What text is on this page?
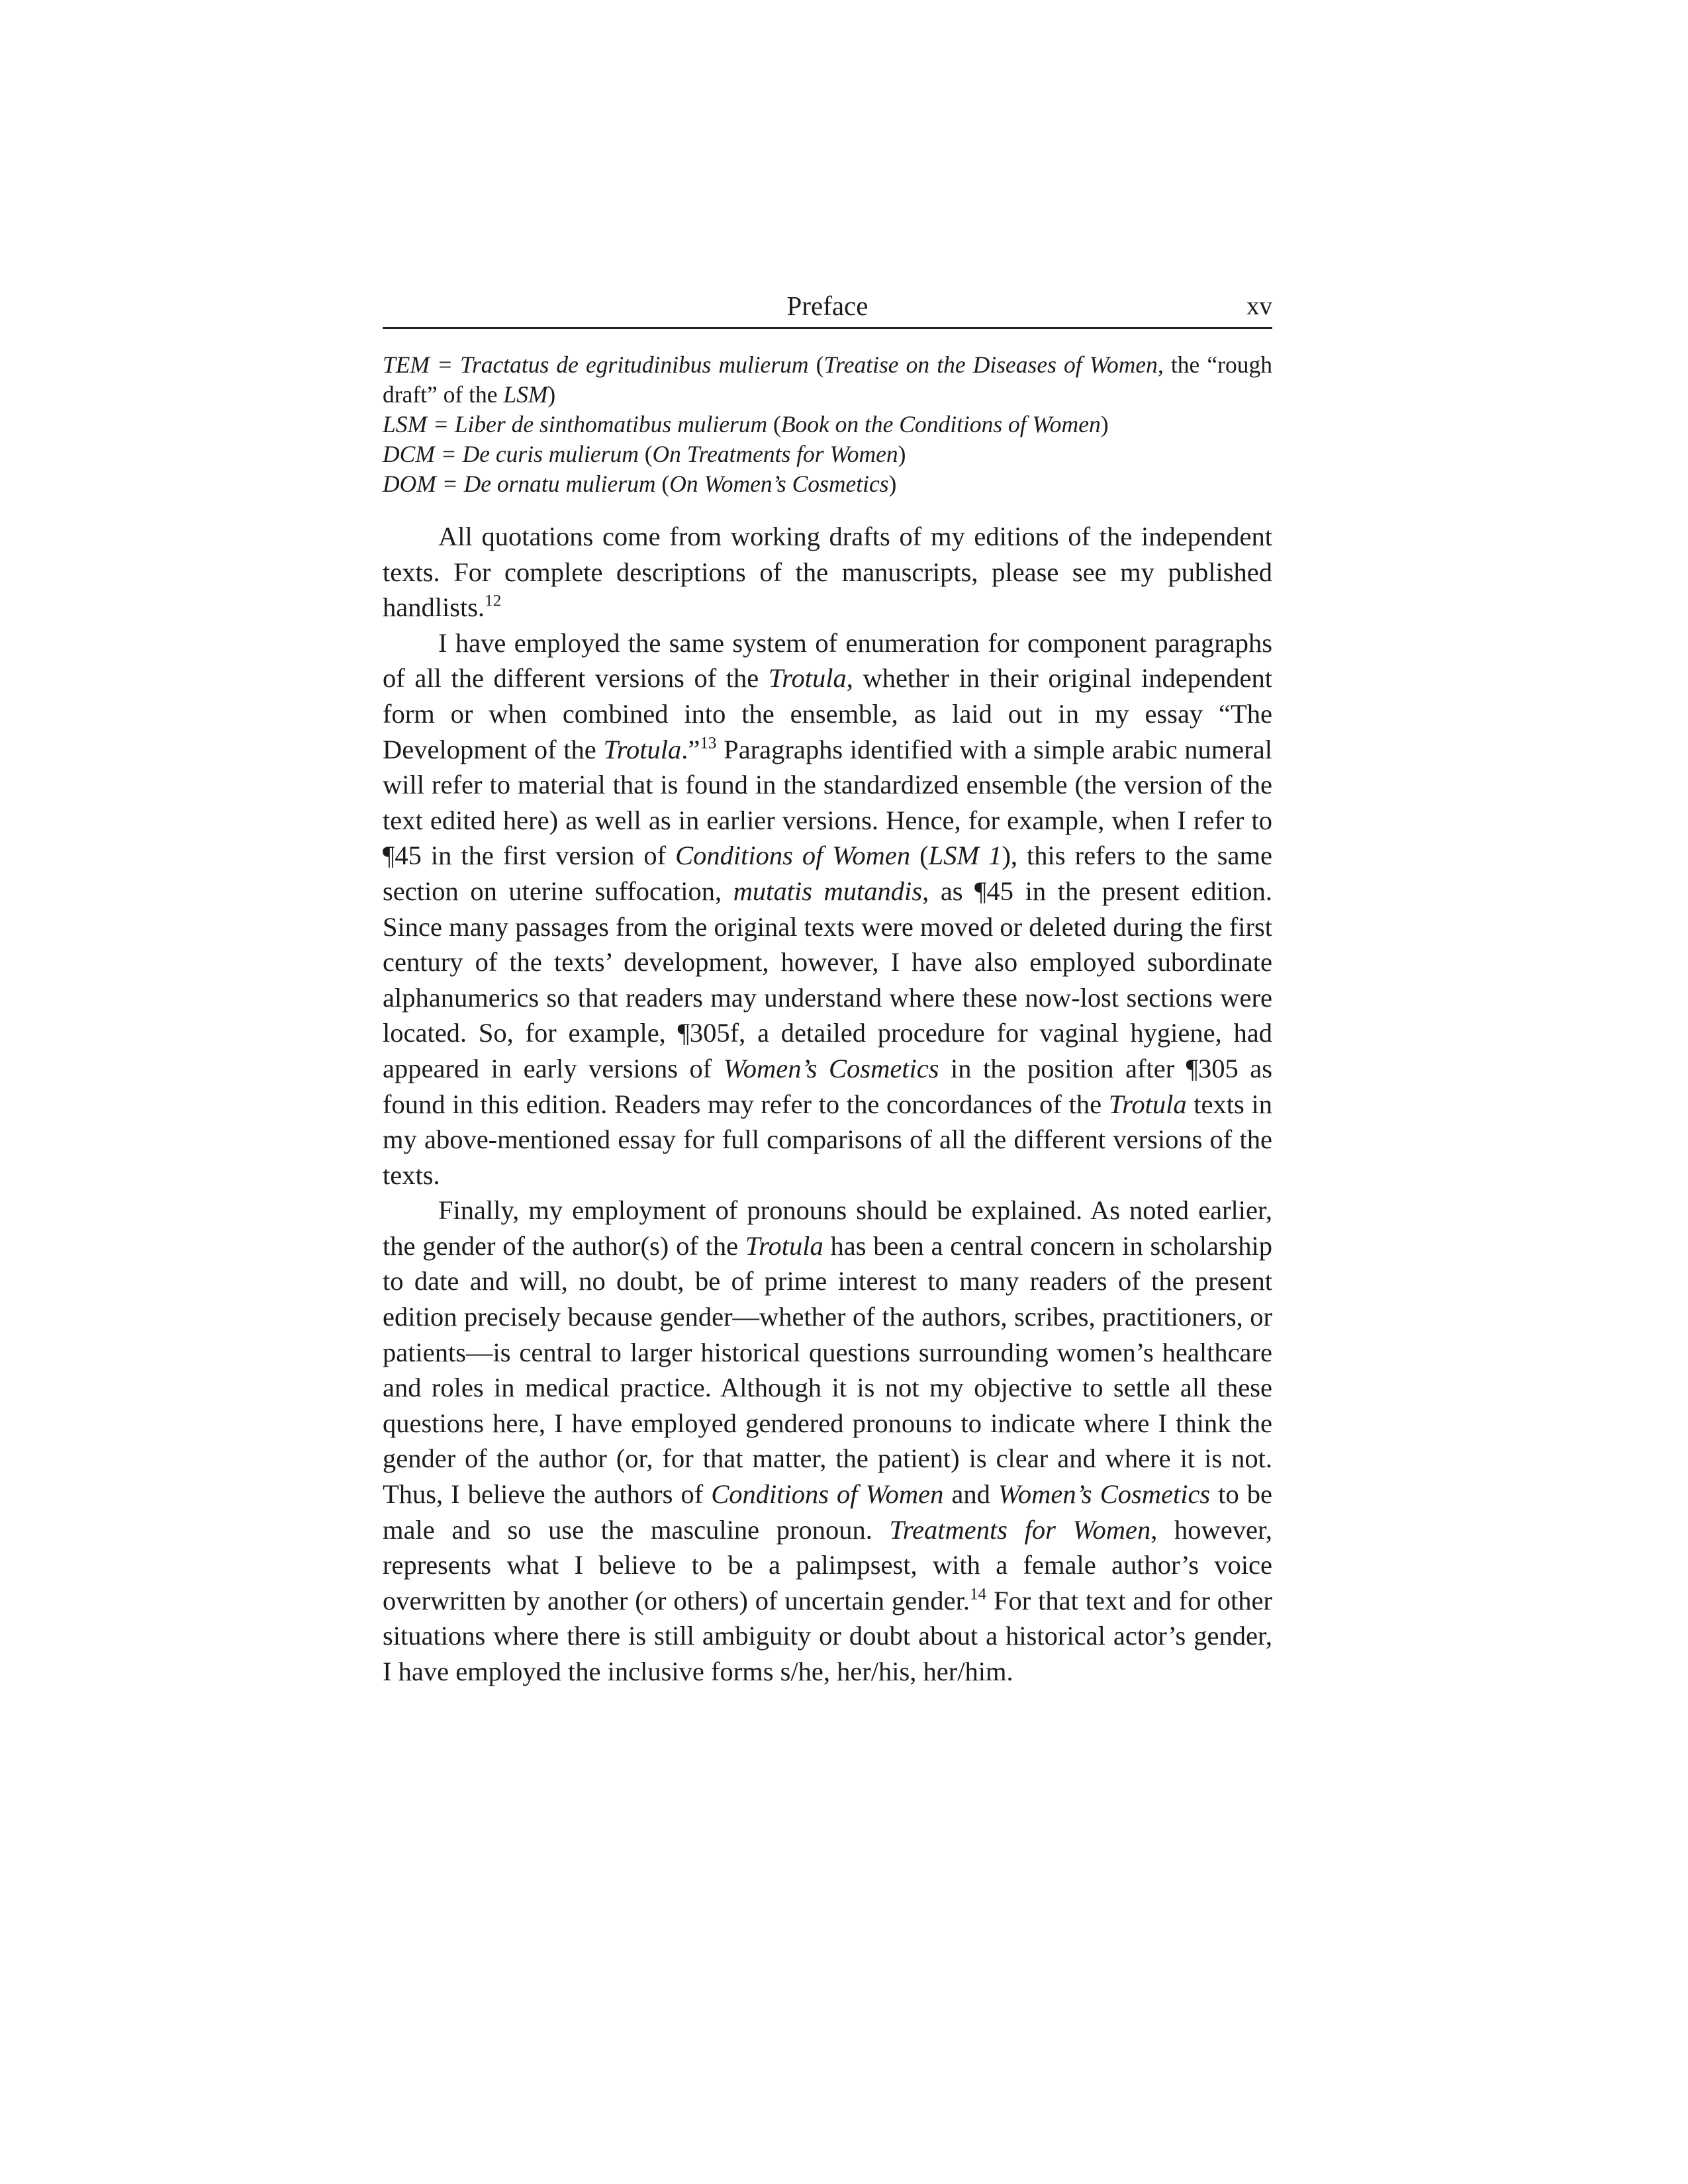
Preface	xv
TEM = Tractatus de egritudinibus mulierum (Treatise on the Diseases of Women, the “rough draft” of the LSM)
LSM = Liber de sinthomatibus mulierum (Book on the Conditions of Women)
DCM = De curis mulierum (On Treatments for Women)
DOM = De ornatu mulierum (On Women’s Cosmetics)

All quotations come from working drafts of my editions of the independent texts. For complete descriptions of the manuscripts, please see my published handlists.$^{12}$

I have employed the same system of enumeration for component paragraphs of all the different versions of the Trotula, whether in their original independent form or when combined into the ensemble, as laid out in my essay “The Development of the Trotula.”$^{13}$ Paragraphs identified with a simple arabic numeral will refer to material that is found in the standardized ensemble (the version of the text edited here) as well as in earlier versions. Hence, for example, when I refer to ¶45 in the first version of Conditions of Women (LSM 1), this refers to the same section on uterine suffocation, mutatis mutandis, as ¶45 in the present edition. Since many passages from the original texts were moved or deleted during the first century of the texts’ development, however, I have also employed subordinate alphanumerics so that readers may understand where these now-lost sections were located. So, for example, ¶305f, a detailed procedure for vaginal hygiene, had appeared in early versions of Women’s Cosmetics in the position after ¶305 as found in this edition. Readers may refer to the concordances of the Trotula texts in my above-mentioned essay for full comparisons of all the different versions of the texts.

Finally, my employment of pronouns should be explained. As noted earlier, the gender of the author(s) of the Trotula has been a central concern in scholarship to date and will, no doubt, be of prime interest to many readers of the present edition precisely because gender—whether of the authors, scribes, practitioners, or patients—is central to larger historical questions surrounding women’s healthcare and roles in medical practice. Although it is not my objective to settle all these questions here, I have employed gendered pronouns to indicate where I think the gender of the author (or, for that matter, the patient) is clear and where it is not. Thus, I believe the authors of Conditions of Women and Women’s Cosmetics to be male and so use the masculine pronoun. Treatments for Women, however, represents what I believe to be a palimpsest, with a female author’s voice overwritten by another (or others) of uncertain gender.$^{14}$ For that text and for other situations where there is still ambiguity or doubt about a historical actor’s gender, I have employed the inclusive forms s/he, her/his, her/him.
